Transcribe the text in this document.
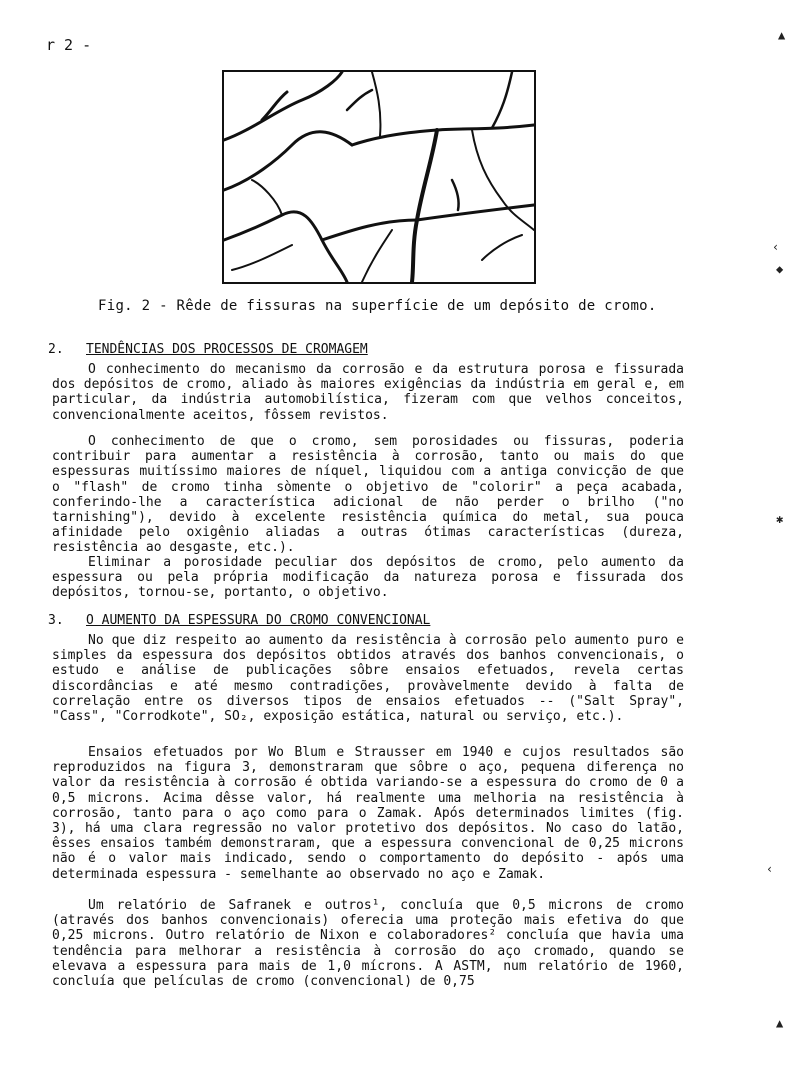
r 2 -
Fig. 2 - Rêde de fissuras na superfície de um depósito de cromo.
2. TENDÊNCIAS DOS PROCESSOS DE CROMAGEM

O conhecimento do mecanismo da corrosão e da estrutura porosa e fissurada dos depósitos de cromo, aliado às maiores exigências da indústria em geral e, em particular, da indústria automobilística, fizeram com que velhos conceitos, convencionalmente aceitos, fôssem revistos.

O conhecimento de que o cromo, sem porosidades ou fissuras, poderia contribuir para aumentar a resistência à corrosão, tanto ou mais do que espessuras muitíssimo maiores de níquel, liquidou com a antiga convicção de que o "flash" de cromo tinha sòmente o objetivo de "colorir" a peça acabada, conferindo-lhe a característica adicional de não perder o brilho ("no tarnishing"), devido à excelente resistência química do metal, sua pouca afinidade pelo oxigênio aliadas a outras ótimas características (dureza, resistência ao desgaste, etc.).

Eliminar a porosidade peculiar dos depósitos de cromo, pelo aumento da espessura ou pela própria modificação da natureza porosa e fissurada dos depósitos, tornou-se, portanto, o objetivo.

3. O AUMENTO DA ESPESSURA DO CROMO CONVENCIONAL

No que diz respeito ao aumento da resistência à corrosão pelo aumento puro e simples da espessura dos depósitos obtidos através dos banhos convencionais, o estudo e análise de publicações sôbre ensaios efetuados, revela certas discordâncias e até mesmo contradições, provàvelmente devido à falta de correlação entre os diversos tipos de ensaios efetuados -- ("Salt Spray", "Cass", "Corrodkote", SO₂, exposição estática, natural ou serviço, etc.).

Ensaios efetuados por Wo Blum e Strausser em 1940 e cujos resultados são reproduzidos na figura 3, demonstraram que sôbre o aço, pequena diferença no valor da resistência à corrosão é obtida variando-se a espessura do cromo de 0 a 0,5 microns. Acima dêsse valor, há realmente uma melhoria na resistência à corrosão, tanto para o aço como para o Zamak. Após determinados limites (fig. 3), há uma clara regressão no valor protetivo dos depósitos. No caso do latão, êsses ensaios também demonstraram, que a espessura convencional de 0,25 microns não é o valor mais indicado, sendo o comportamento do depósito - após uma determinada espessura - semelhante ao observado no aço e Zamak.

Um relatório de Safranek e outros¹, concluía que 0,5 microns de cromo (através dos banhos convencionais) oferecia uma proteção mais efetiva do que 0,25 microns. Outro relatório de Nixon e colaboradores² concluía que havia uma tendência para melhorar a resistência à corrosão do aço cromado, quando se elevava a espessura para mais de 1,0 mícrons. A ASTM, num relatório de 1960, concluía que películas de cromo (convencional) de 0,75

▲
‹
◆
✱
‹
▲
